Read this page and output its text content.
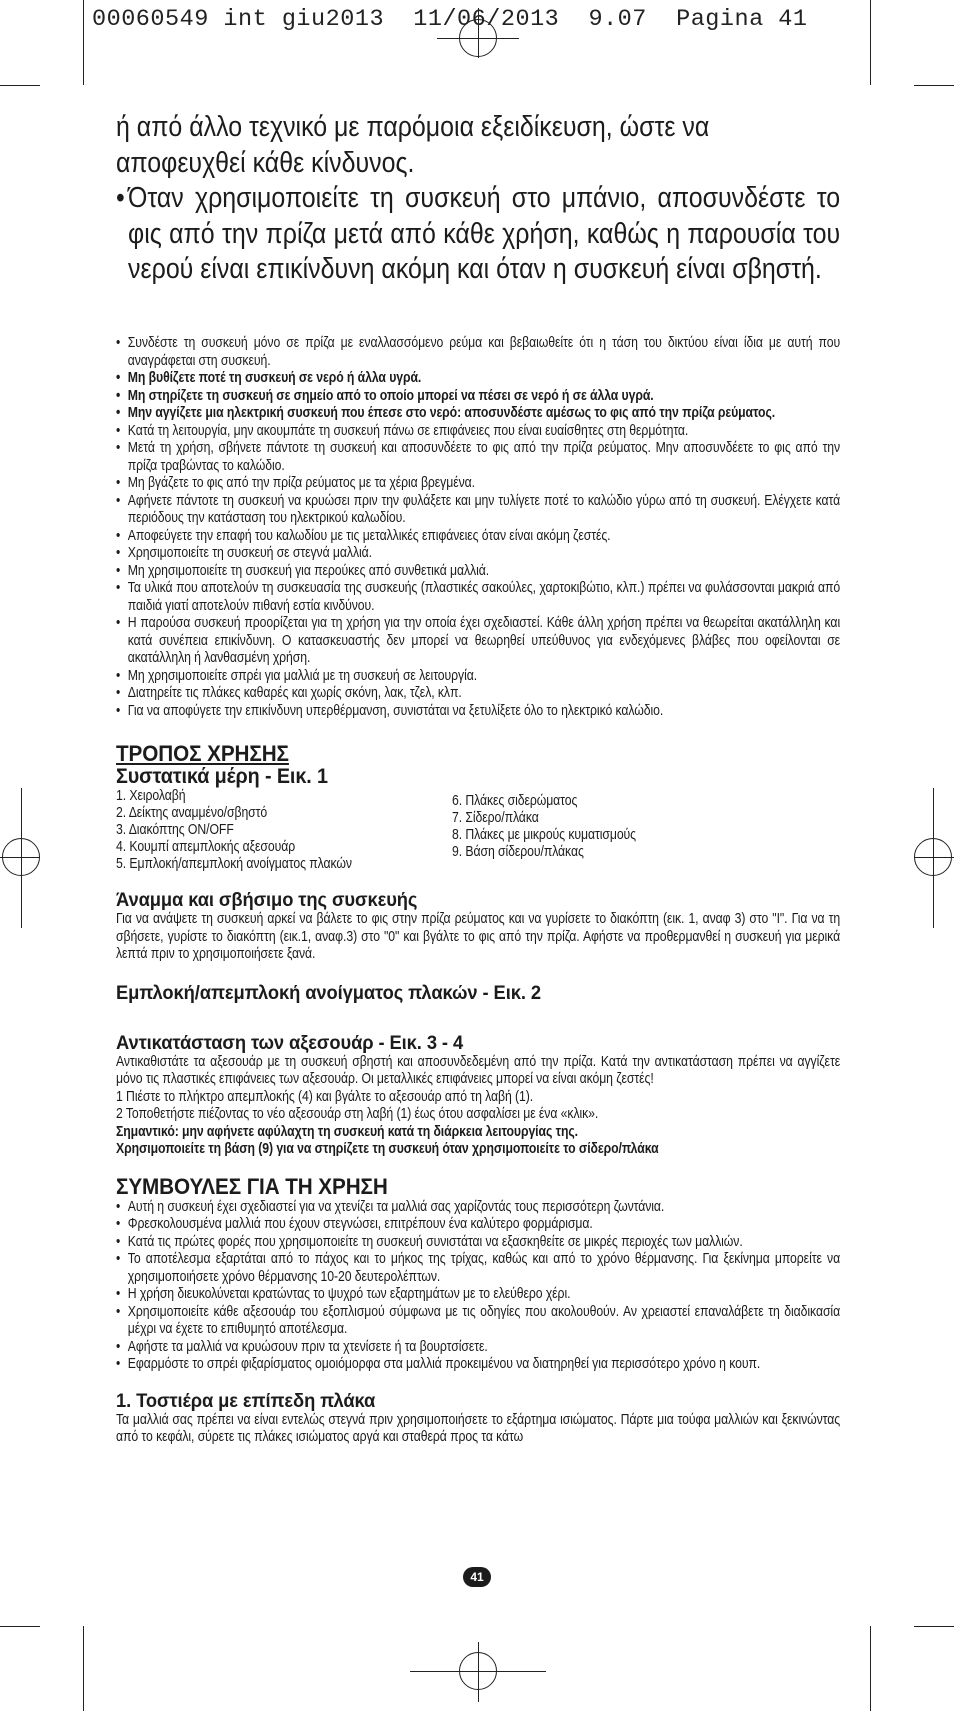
00060549 int giu2013  11/06/2013  9.07  Pagina 41

ή από άλλο τεχνικό με παρόμοια εξειδίκευση, ώστε να αποφευχθεί κάθε κίνδυνος.

• Όταν χρησιμοποιείτε τη συσκευή στο μπάνιο, αποσυνδέστε το φις από την πρίζα μετά από κάθε χρήση, καθώς η παρουσία του νερού είναι επικίνδυνη ακόμη και όταν η συσκευή είναι σβηστή.
• Συνδέστε τη συσκευή μόνο σε πρίζα με εναλλασσόμενο ρεύμα και βεβαιωθείτε ότι η τάση του δικτύου είναι ίδια με αυτή που αναγράφεται στη συσκευή.
• Μη βυθίζετε ποτέ τη συσκευή σε νερό ή άλλα υγρά.
• Μη στηρίζετε τη συσκευή σε σημείο από το οποίο μπορεί να πέσει σε νερό ή σε άλλα υγρά.
• Μην αγγίζετε μια ηλεκτρική συσκευή που έπεσε στο νερό: αποσυνδέστε αμέσως το φις από την πρίζα ρεύματος.
• Κατά τη λειτουργία, μην ακουμπάτε τη συσκευή πάνω σε επιφάνειες που είναι ευαίσθητες στη θερμότητα.
• Μετά τη χρήση, σβήνετε πάντοτε τη συσκευή και αποσυνδέετε το φις από την πρίζα ρεύματος. Μην αποσυνδέετε το φις από την πρίζα τραβώντας το καλώδιο.
• Μη βγάζετε το φις από την πρίζα ρεύματος με τα χέρια βρεγμένα.
• Αφήνετε πάντοτε τη συσκευή να κρυώσει πριν την φυλάξετε και μην τυλίγετε ποτέ το καλώδιο γύρω από τη συσκευή. Ελέγχετε κατά περιόδους την κατάσταση του ηλεκτρικού καλωδίου.
• Αποφεύγετε την επαφή του καλωδίου με τις μεταλλικές επιφάνειες όταν είναι ακόμη ζεστές.
• Χρησιμοποιείτε τη συσκευή σε στεγνά μαλλιά.
• Μη χρησιμοποιείτε τη συσκευή για περούκες από συνθετικά μαλλιά.
• Τα υλικά που αποτελούν τη συσκευασία της συσκευής (πλαστικές σακούλες, χαρτοκιβώτιο, κλπ.) πρέπει να φυλάσσονται μακριά από παιδιά γιατί αποτελούν πιθανή εστία κινδύνου.
• Η παρούσα συσκευή προορίζεται για τη χρήση για την οποία έχει σχεδιαστεί. Κάθε άλλη χρήση πρέπει να θεωρείται ακατάλληλη και κατά συνέπεια επικίνδυνη. Ο κατασκευαστής δεν μπορεί να θεωρηθεί υπεύθυνος για ενδεχόμενες βλάβες που οφείλονται σε ακατάλληλη ή λανθασμένη χρήση.
• Μη χρησιμοποιείτε σπρέι για μαλλιά με τη συσκευή σε λειτουργία.
• Διατηρείτε τις πλάκες καθαρές και χωρίς σκόνη, λακ, τζελ, κλπ.
• Για να αποφύγετε την επικίνδυνη υπερθέρμανση, συνιστάται να ξετυλίξετε όλο το ηλεκτρικό καλώδιο.
ΤΡΟΠΟΣ ΧΡΗΣΗΣ
Συστατικά μέρη - Εικ. 1
1. Χειρολαβή
2. Δείκτης αναμμένο/σβηστό
3. Διακόπτης ON/OFF
4. Κουμπί απεμπλοκής αξεσουάρ
5. Εμπλοκή/απεμπλοκή ανοίγματος πλακών
6. Πλάκες σιδερώματος
7. Σίδερο/πλάκα
8. Πλάκες με μικρούς κυματισμούς
9. Βάση σίδερου/πλάκας
Άναμμα και σβήσιμο της συσκευής

Για να ανάψετε τη συσκευή αρκεί να βάλετε το φις στην πρίζα ρεύματος και να γυρίσετε το διακόπτη (εικ. 1, αναφ 3) στο "I". Για να τη σβήσετε, γυρίστε το διακόπτη (εικ.1, αναφ.3) στο "0" και βγάλτε το φις από την πρίζα. Αφήστε να προθερμανθεί η συσκευή για μερικά λεπτά πριν το χρησιμοποιήσετε ξανά.

Εμπλοκή/απεμπλοκή ανοίγματος πλακών - Εικ. 2
Αντικατάσταση των αξεσουάρ - Εικ. 3 - 4

Αντικαθιστάτε τα αξεσουάρ με τη συσκευή σβηστή και αποσυνδεδεμένη από την πρίζα. Κατά την αντικατάσταση πρέπει να αγγίζετε μόνο τις πλαστικές επιφάνειες των αξεσουάρ. Οι μεταλλικές επιφάνειες μπορεί να είναι ακόμη ζεστές!

1 Πιέστε το πλήκτρο απεμπλοκής (4) και βγάλτε το αξεσουάρ από τη λαβή (1).

2 Τοποθετήστε πιέζοντας το νέο αξεσουάρ στη λαβή (1) έως ότου ασφαλίσει με ένα «κλικ».

Σημαντικό: μην αφήνετε αφύλαχτη τη συσκευή κατά τη διάρκεια λειτουργίας της.

Χρησιμοποιείτε τη βάση (9) για να στηρίζετε τη συσκευή όταν χρησιμοποιείτε το σίδερο/πλάκα

ΣΥΜΒΟΥΛΕΣ ΓΙΑ ΤΗ ΧΡΗΣΗ
• Αυτή η συσκευή έχει σχεδιαστεί για να χτενίζει τα μαλλιά σας χαρίζοντάς τους περισσότερη ζωντάνια.
• Φρεσκολουσμένα μαλλιά που έχουν στεγνώσει, επιτρέπουν ένα καλύτερο φορμάρισμα.
• Κατά τις πρώτες φορές που χρησιμοποιείτε τη συσκευή συνιστάται να εξασκηθείτε σε μικρές περιοχές των μαλλιών.
• Το αποτέλεσμα εξαρτάται από το πάχος και το μήκος της τρίχας, καθώς και από το χρόνο θέρμανσης. Για ξεκίνημα μπορείτε να χρησιμοποιήσετε χρόνο θέρμανσης 10-20 δευτερολέπτων.
• Η χρήση διευκολύνεται κρατώντας το ψυχρό των εξαρτημάτων με το ελεύθερο χέρι.
• Χρησιμοποιείτε κάθε αξεσουάρ του εξοπλισμού σύμφωνα με τις οδηγίες που ακολουθούν. Αν χρειαστεί επαναλάβετε τη διαδικασία μέχρι να έχετε το επιθυμητό αποτέλεσμα.
• Αφήστε τα μαλλιά να κρυώσουν πριν τα χτενίσετε ή τα βουρτσίσετε.
• Εφαρμόστε το σπρέι φιξαρίσματος ομοιόμορφα στα μαλλιά προκειμένου να διατηρηθεί για περισσότερο χρόνο η κουπ.
1. Τοστιέρα με επίπεδη πλάκα

Τα μαλλιά σας πρέπει να είναι εντελώς στεγνά πριν χρησιμοποιήσετε το εξάρτημα ισιώματος. Πάρτε μια τούφα μαλλιών και ξεκινώντας από το κεφάλι, σύρετε τις πλάκες ισιώματος αργά και σταθερά προς τα κάτω

41
